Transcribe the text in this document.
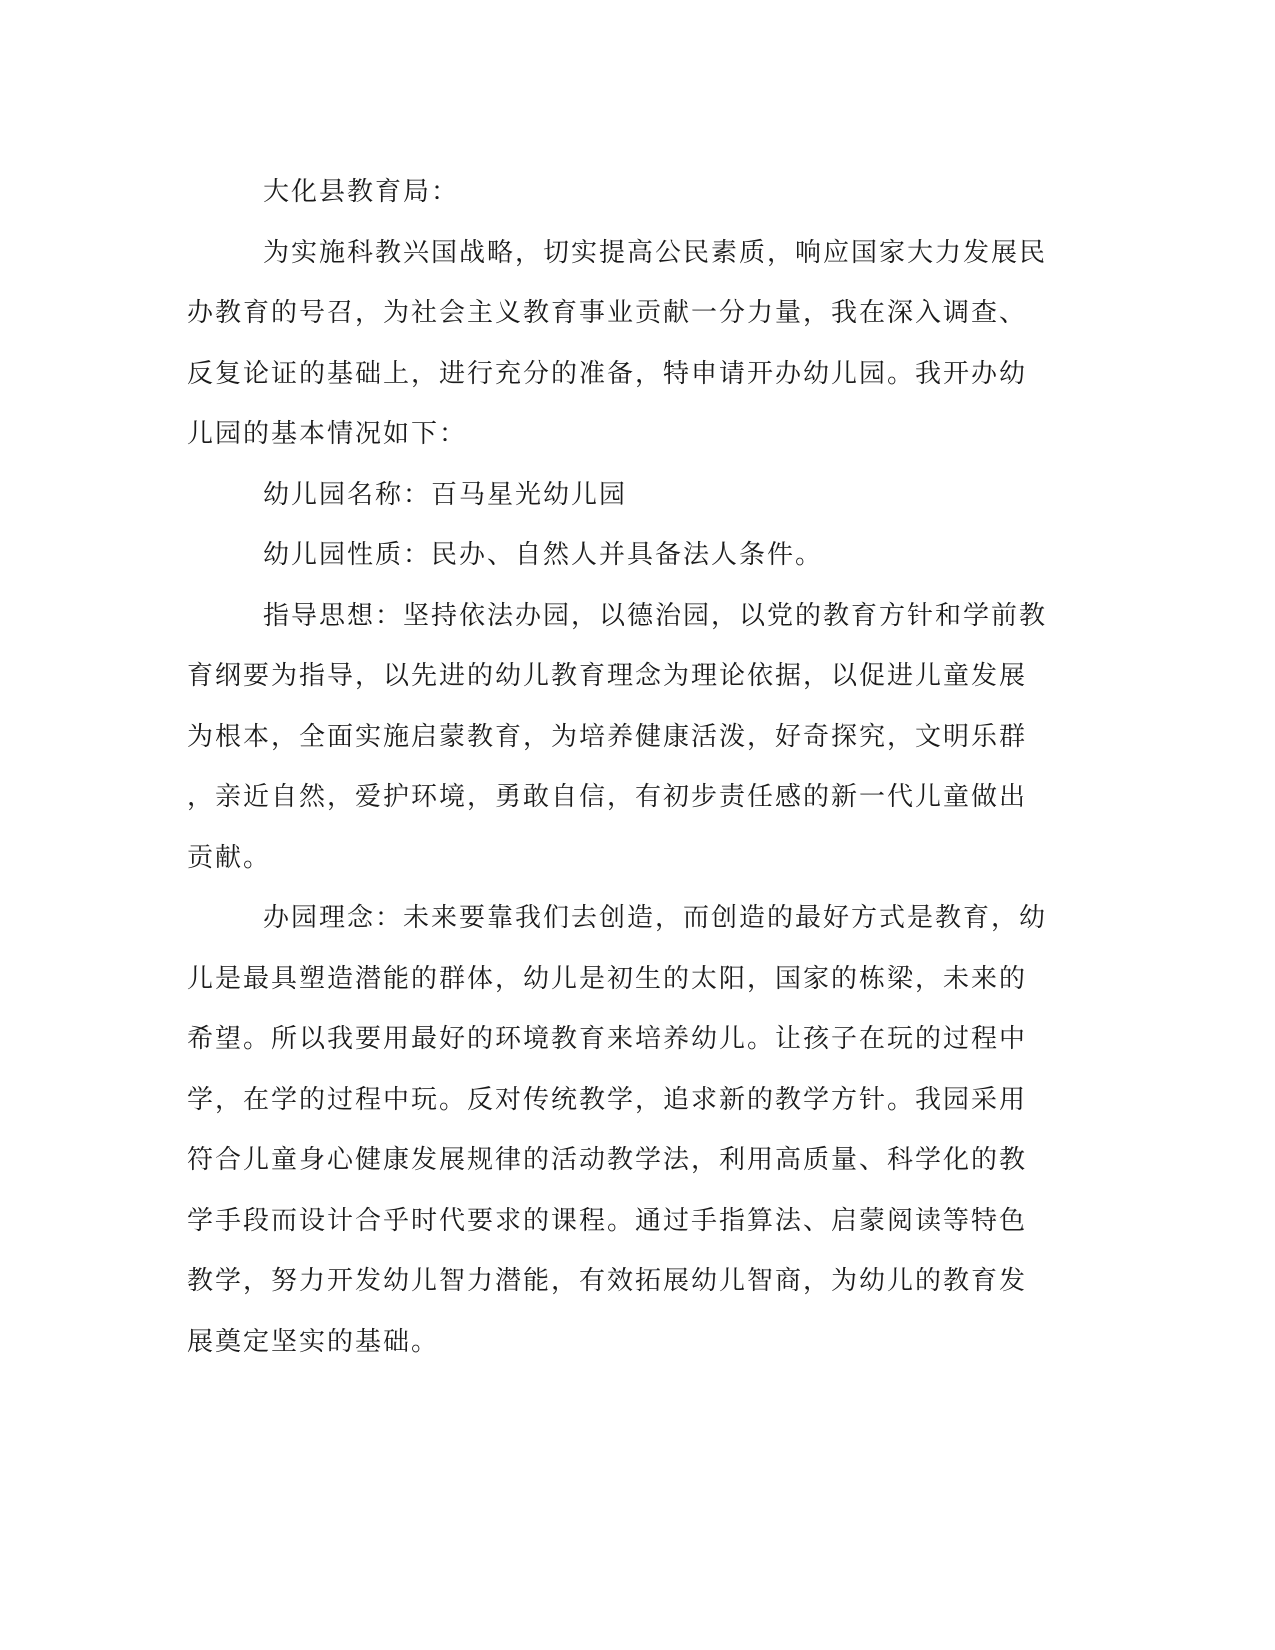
大化县教育局：
为实施科教兴国战略，切实提高公民素质，响应国家大力发展民
办教育的号召，为社会主义教育事业贡献一分力量，我在深入调查、
反复论证的基础上，进行充分的准备，特申请开办幼儿园。我开办幼
儿园的基本情况如下：
幼儿园名称：百马星光幼儿园
幼儿园性质：民办、自然人并具备法人条件。
指导思想：坚持依法办园，以德治园，以党的教育方针和学前教
育纲要为指导，以先进的幼儿教育理念为理论依据，以促进儿童发展
为根本，全面实施启蒙教育，为培养健康活泼，好奇探究，文明乐群
，亲近自然，爱护环境，勇敢自信，有初步责任感的新一代儿童做出
贡献。
办园理念：未来要靠我们去创造，而创造的最好方式是教育，幼
儿是最具塑造潜能的群体，幼儿是初生的太阳，国家的栋梁，未来的
希望。所以我要用最好的环境教育来培养幼儿。让孩子在玩的过程中
学，在学的过程中玩。反对传统教学，追求新的教学方针。我园采用
符合儿童身心健康发展规律的活动教学法，利用高质量、科学化的教
学手段而设计合乎时代要求的课程。通过手指算法、启蒙阅读等特色
教学，努力开发幼儿智力潜能，有效拓展幼儿智商，为幼儿的教育发
展奠定坚实的基础。
